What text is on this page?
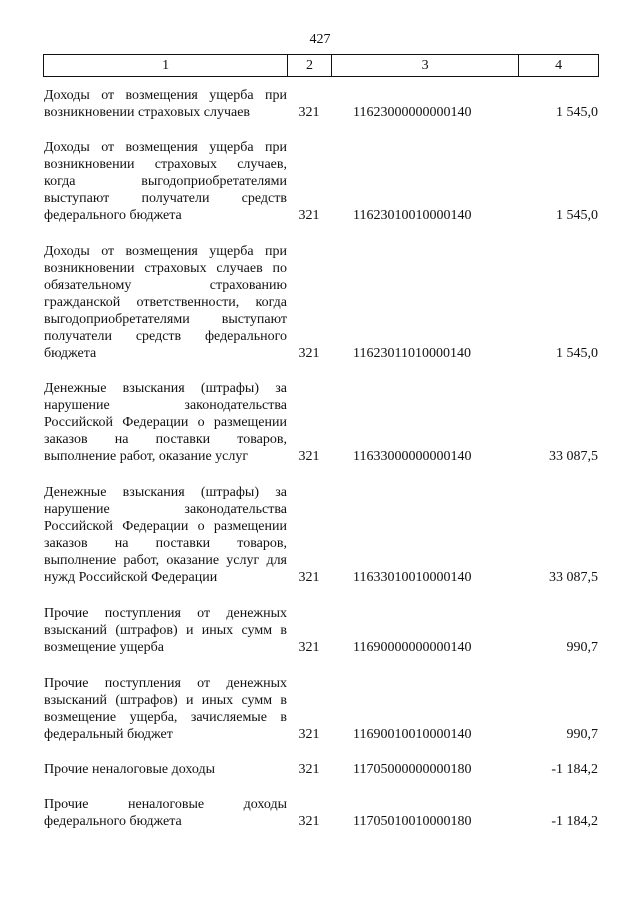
427
1	2	3	4
Доходы от возмещения ущерба при возникновении страховых случаев	321	11623000000000140	1 545,0
Доходы от возмещения ущерба при возникновении страховых случаев, когда выгодоприобретателями выступают получатели средств федерального бюджета	321	11623010010000140	1 545,0
Доходы от возмещения ущерба при возникновении страховых случаев по обязательному страхованию гражданской ответственности, когда выгодоприобретателями выступают получатели средств федерального бюджета	321	11623011010000140	1 545,0
Денежные взыскания (штрафы) за нарушение законодательства Российской Федерации о размещении заказов на поставки товаров, выполнение работ, оказание услуг	321	11633000000000140	33 087,5
Денежные взыскания (штрафы) за нарушение законодательства Российской Федерации о размещении заказов на поставки товаров, выполнение работ, оказание услуг для нужд Российской Федерации	321	11633010010000140	33 087,5
Прочие поступления от денежных взысканий (штрафов) и иных сумм в возмещение ущерба	321	11690000000000140	990,7
Прочие поступления от денежных взысканий (штрафов) и иных сумм в возмещение ущерба, зачисляемые в федеральный бюджет	321	11690010010000140	990,7
Прочие неналоговые доходы	321	11705000000000180	-1 184,2
Прочие неналоговые доходы федерального бюджета	321	11705010010000180	-1 184,2
